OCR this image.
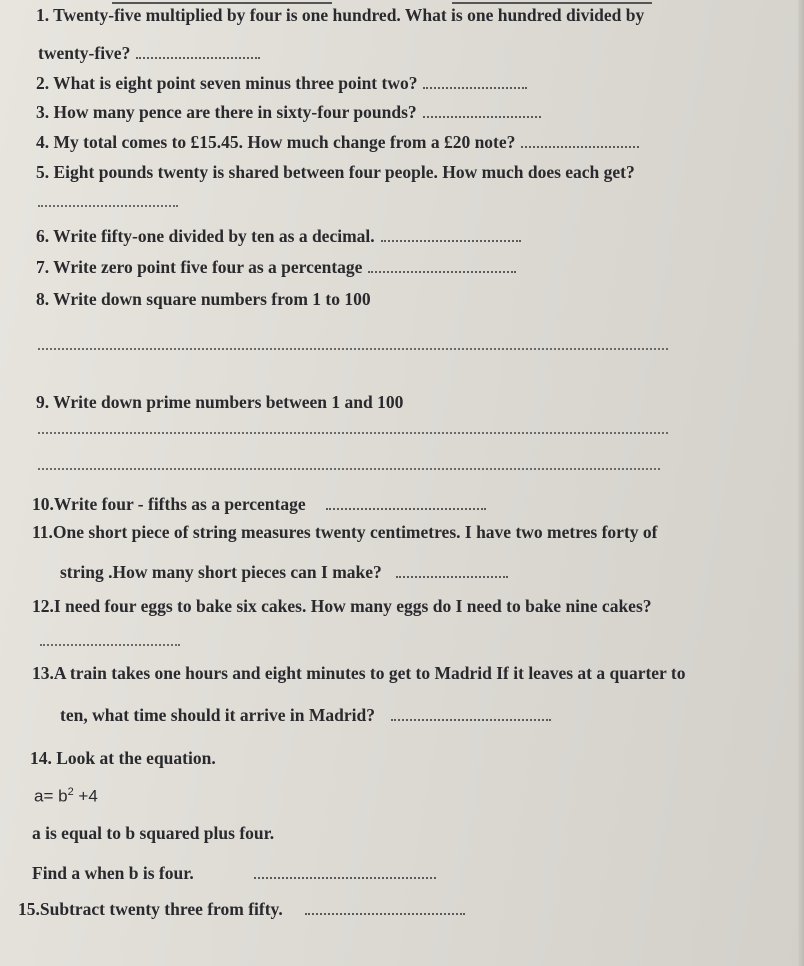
1. Twenty-five multiplied by four is one hundred. What is one hundred divided by
twenty-five?
2. What is eight point seven minus three point two?
3. How many pence are there in sixty-four pounds?
4. My total comes to £15.45. How much change from a £20 note?
5. Eight pounds twenty is shared between four people. How much does each get?
6. Write fifty-one divided by ten as a decimal.
7. Write zero point five four as a percentage
8. Write down square numbers from 1 to 100
9. Write down prime numbers between 1 and 100
10.Write four - fifths as a percentage
11.One short piece of string measures twenty centimetres. I have two metres forty of
string .How many short pieces can I make?
12.I need four eggs to bake six cakes. How many eggs do I need to bake nine cakes?
13.A train takes one hours and eight minutes to get to Madrid If it leaves at a quarter to
ten, what time should it arrive in Madrid?
14. Look at the equation.
$a= b^2 +4$
a is equal to b squared plus four.
Find a when b is four.
15.Subtract twenty three from fifty.
